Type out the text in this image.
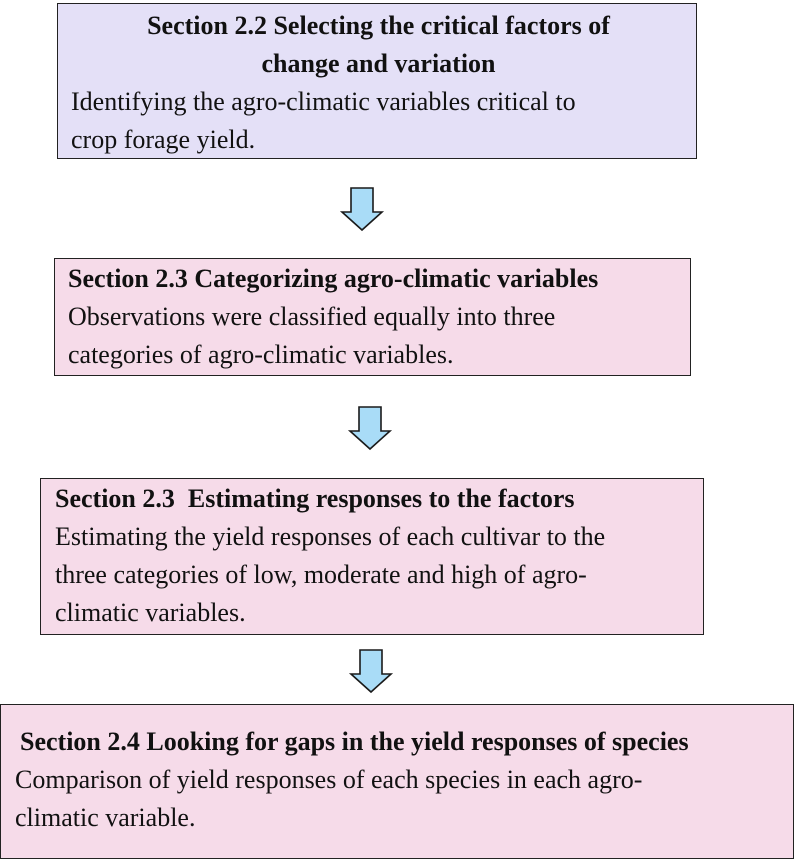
Section 2.2 Selecting the critical factors of
change and variation
Identifying the agro-climatic variables critical to
crop forage yield.
Section 2.3 Categorizing agro-climatic variables
Observations were classified equally into three
categories of agro-climatic variables.
Section 2.3  Estimating responses to the factors
Estimating the yield responses of each cultivar to the
three categories of low, moderate and high of agro-
climatic variables.
Section 2.4 Looking for gaps in the yield responses of species
Comparison of yield responses of each species in each agro-
climatic variable.
